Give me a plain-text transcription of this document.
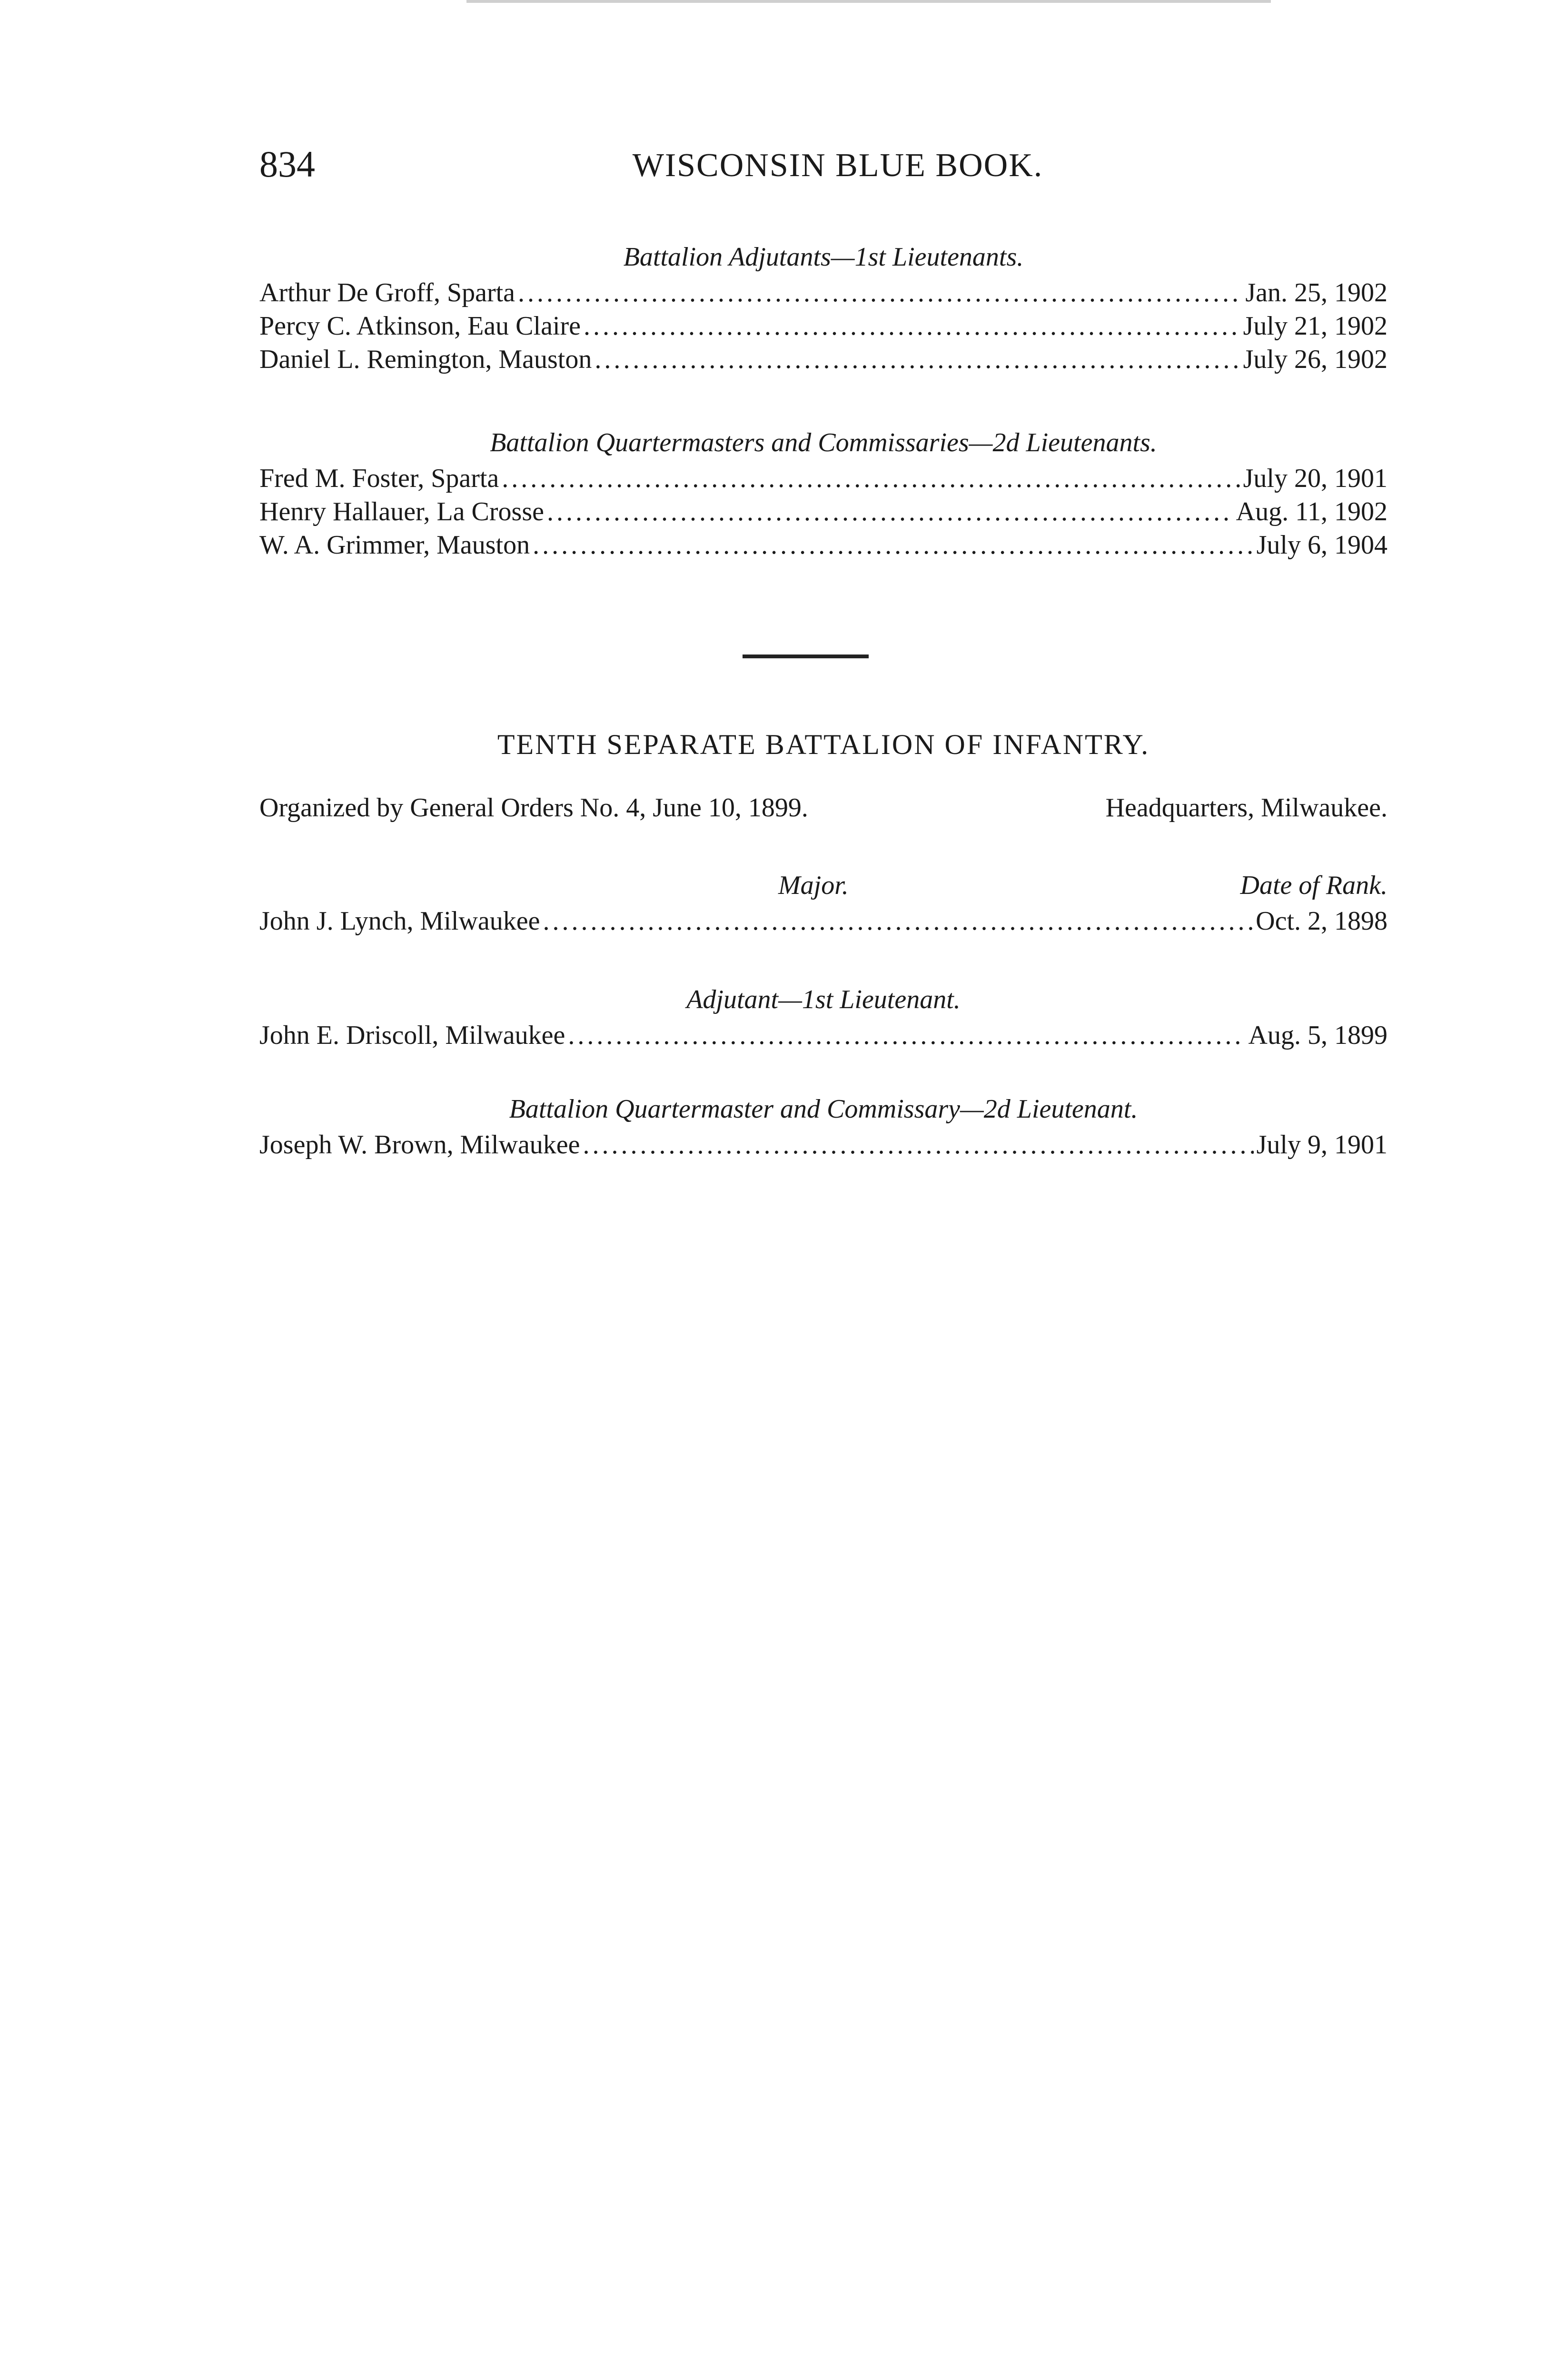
834	WISCONSIN BLUE BOOK.
Battalion Adjutants—1st Lieutenants.
Arthur De Groff, Sparta .....	Jan. 25, 1902
Percy C. Atkinson, Eau Claire .....	July 21, 1902
Daniel L. Remington, Mauston .....	July 26, 1902
Battalion Quartermasters and Commissaries—2d Lieutenants.
Fred M. Foster, Sparta .....	July 20, 1901
Henry Hallauer, La Crosse .....	Aug. 11, 1902
W. A. Grimmer, Mauston .....	July 6, 1904
TENTH SEPARATE BATTALION OF INFANTRY.
Organized by General Orders No. 4, June 10, 1899.	Headquarters, Milwaukee.
Major.	Date of Rank.
John J. Lynch, Milwaukee .....	Oct. 2, 1898
Adjutant—1st Lieutenant.
John E. Driscoll, Milwaukee .....	Aug. 5, 1899
Battalion Quartermaster and Commissary—2d Lieutenant.
Joseph W. Brown, Milwaukee .....	July 9, 1901
